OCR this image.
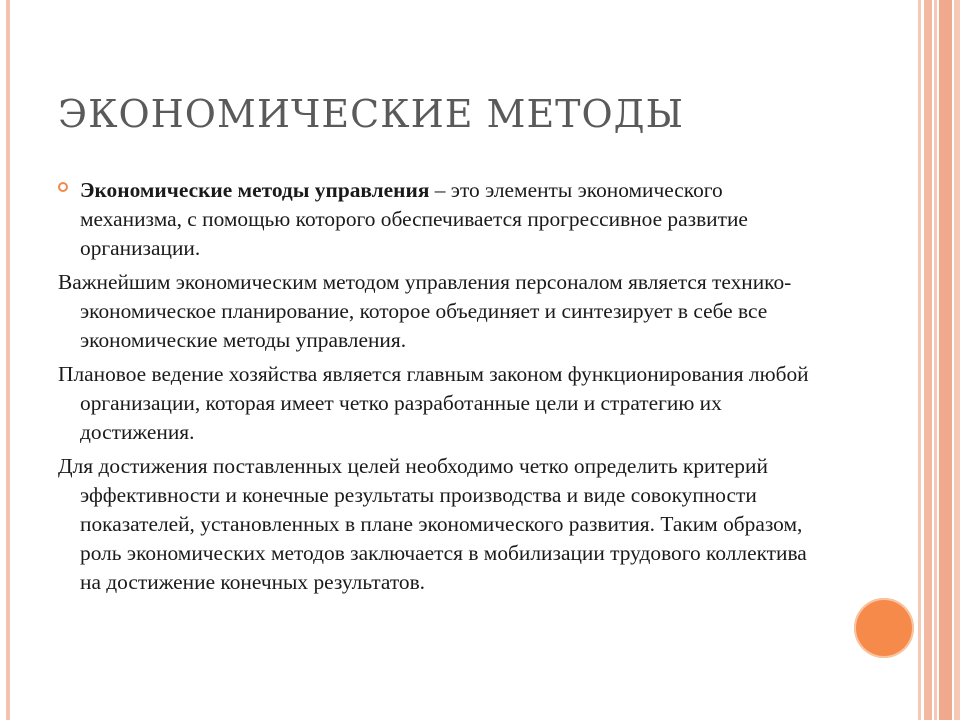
ЭКОНОМИЧЕСКИЕ МЕТОДЫ

Экономические методы управления – это элементы экономического механизма, с помощью которого обеспечивается прогрессивное развитие организации.

Важнейшим экономическим методом управления персоналом является технико-экономическое планирование, которое объединяет и синтезирует в себе все экономические методы управления.

Плановое ведение хозяйства является главным законом функционирования любой организации, которая имеет четко разработанные цели и стратегию их достижения.

Для достижения поставленных целей необходимо четко определить критерий эффективности и конечные результаты производства и виде совокупности показателей, установленных в плане экономического развития. Таким образом, роль экономических методов заключается в мобилизации трудового коллектива на достижение конечных результатов.
